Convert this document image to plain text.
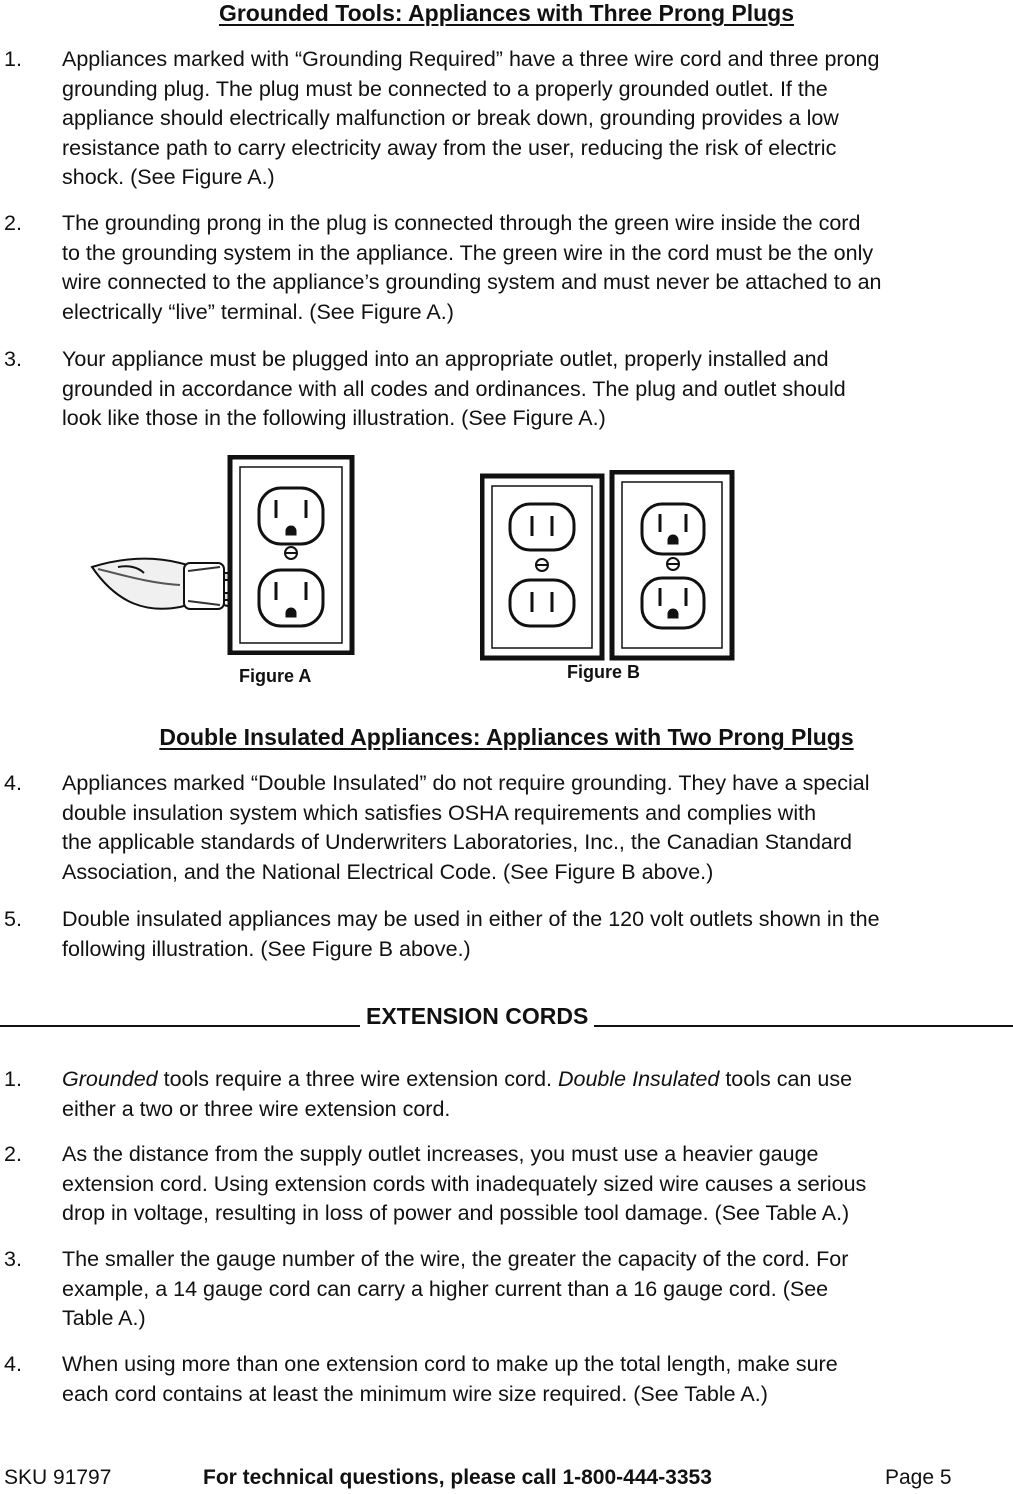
Grounded Tools: Appliances with Three Prong Plugs
1. Appliances marked with “Grounding Required” have a three wire cord and three prong
grounding plug. The plug must be connected to a properly grounded outlet. If the
appliance should electrically malfunction or break down, grounding provides a low
resistance path to carry electricity away from the user, reducing the risk of electric
shock. (See Figure A.)
2. The grounding prong in the plug is connected through the green wire inside the cord
to the grounding system in the appliance. The green wire in the cord must be the only
wire connected to the appliance’s grounding system and must never be attached to an
electrically “live” terminal. (See Figure A.)
3. Your appliance must be plugged into an appropriate outlet, properly installed and
grounded in accordance with all codes and ordinances. The plug and outlet should
look like those in the following illustration. (See Figure A.)
Figure A	Figure B
Double Insulated Appliances: Appliances with Two Prong Plugs
4. Appliances marked “Double Insulated” do not require grounding. They have a special
double insulation system which satisfies OSHA requirements and complies with
the applicable standards of Underwriters Laboratories, Inc., the Canadian Standard
Association, and the National Electrical Code. (See Figure B above.)
5. Double insulated appliances may be used in either of the 120 volt outlets shown in the
following illustration. (See Figure B above.)
EXTENSION CORDS
1. Grounded tools require a three wire extension cord. Double Insulated tools can use
either a two or three wire extension cord.
2. As the distance from the supply outlet increases, you must use a heavier gauge
extension cord. Using extension cords with inadequately sized wire causes a serious
drop in voltage, resulting in loss of power and possible tool damage. (See Table A.)
3. The smaller the gauge number of the wire, the greater the capacity of the cord. For
example, a 14 gauge cord can carry a higher current than a 16 gauge cord. (See
Table A.)
4. When using more than one extension cord to make up the total length, make sure
each cord contains at least the minimum wire size required. (See Table A.)
SKU 91797	For technical questions, please call 1-800-444-3353	Page 5
